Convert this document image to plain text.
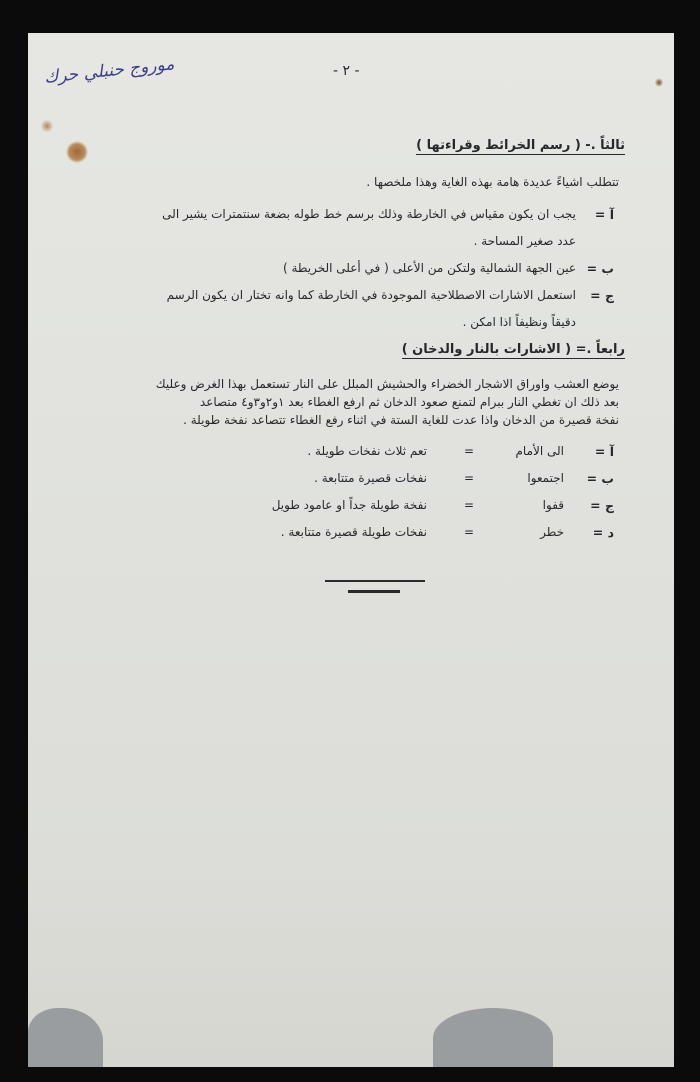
موروج حنبلي حرك	- ٢ -
ثالثاً .- ( رسم الخرائط وقراءتها )
تتطلب اشياءً عديدة هامة بهذه الغاية وهذا ملخصها .
آ =
يجب ان يكون مقياس في الخارطة وذلك برسم خط طوله بضعة سنتمترات يشير الى
عدد صغير المساحة .
ب =
عين الجهة الشمالية ولتكن من الأعلى ( في أعلى الخريطة )
ج =
استعمل الاشارات الاصطلاحية الموجودة في الخارطة كما وانه تختار ان يكون الرسم
دقيقاً ونظيفاً اذا امكن .
رابعاً .= ( الاشارات بالنار والدخان )
يوضع العشب واوراق الاشجار الخضراء والحشيش المبلل على النار تستعمل بهذا الغرض وعليك
بعد ذلك ان تغطي النار ببرام لتمنع صعود الدخان ثم ارفع الغطاء بعد ١و٢و٣و٤ متصاعد
نفخة قصيرة من الدخان واذا عدت للغاية الستة في اثناء رفع الغطاء تتصاعد نفخة طويلة .
آ =
الى الأمام
=
تعم ثلاث نفخات طويلة .
ب =
اجتمعوا
=
نفخات قصيرة متتابعة .
ج =
قفوا
=
نفخة طويلة جداً او عامود طويل
د =
خطر
=
نفخات طويلة قصيرة متتابعة .
